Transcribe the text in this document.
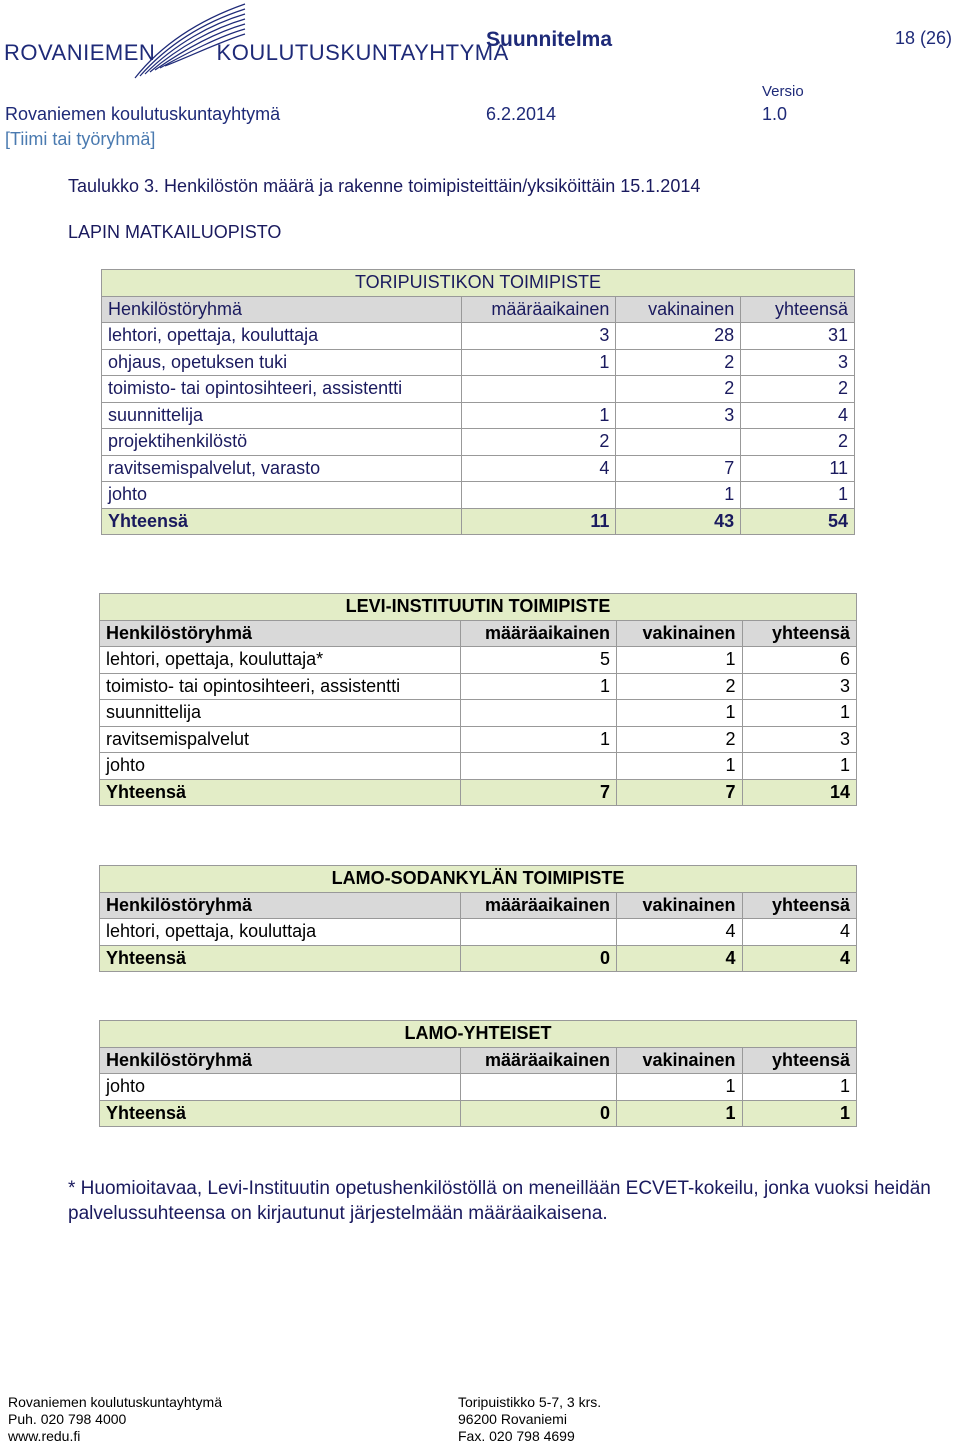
ROVANIEMEN	KOULUTUSKUNTAYHTYMÄ
Suunnitelma	18 (26)
Rovaniemen koulutuskuntayhtymä	6.2.2014
Versio
1.0
[Tiimi tai työryhmä]
Taulukko 3. Henkilöstön määrä ja rakenne toimipisteittäin/yksiköittäin 15.1.2014
LAPIN MATKAILUOPISTO
TORIPUISTIKON TOIMIPISTE			
Henkilöstöryhmä	määräaikainen	vakinainen	yhteensä
lehtori, opettaja, kouluttaja	3	28	31
ohjaus, opetuksen tuki	1	2	3
toimisto- tai opintosihteeri, assistentti		2	2
suunnittelija	1	3	4
projektihenkilöstö	2		2
ravitsemispalvelut, varasto	4	7	11
johto		1	1
Yhteensä	11	43	54
LEVI-INSTITUUTIN TOIMIPISTE			
Henkilöstöryhmä	määräaikainen	vakinainen	yhteensä
lehtori, opettaja, kouluttaja*	5	1	6
toimisto- tai opintosihteeri, assistentti	1	2	3
suunnittelija		1	1
ravitsemispalvelut	1	2	3
johto		1	1
Yhteensä	7	7	14
LAMO-SODANKYLÄN TOIMIPISTE			
Henkilöstöryhmä	määräaikainen	vakinainen	yhteensä
lehtori, opettaja, kouluttaja		4	4
Yhteensä	0	4	4
LAMO-YHTEISET			
Henkilöstöryhmä	määräaikainen	vakinainen	yhteensä
johto		1	1
Yhteensä	0	1	1
* Huomioitavaa, Levi-Instituutin opetushenkilöstöllä on meneillään ECVET-kokeilu, jonka vuoksi heidän palvelussuhteensa on kirjautunut järjestelmään määräaikaisena.
Rovaniemen koulutuskuntayhtymä
Puh. 020 798 4000
www.redu.fi
Toripuistikko 5-7, 3 krs.
96200 Rovaniemi
Fax. 020 798 4699
